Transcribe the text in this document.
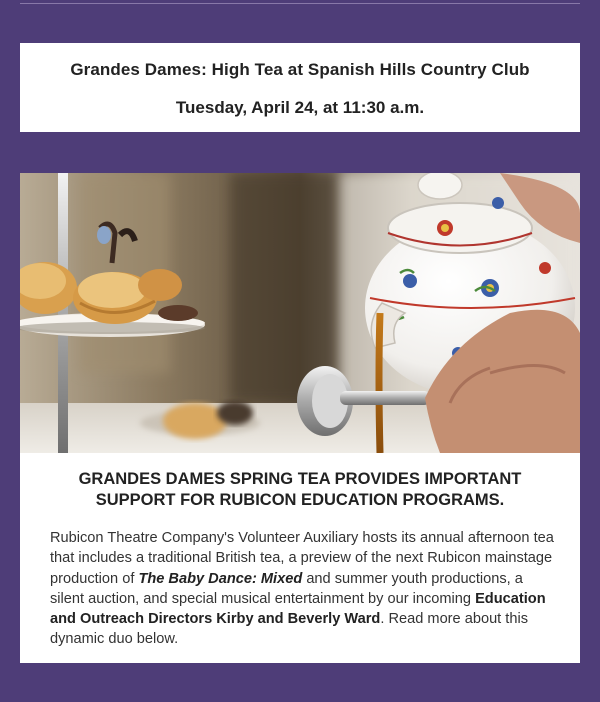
Grandes Dames: High Tea at Spanish Hills Country Club
Tuesday, April 24, at 11:30 a.m.
GRANDES DAMES SPRING TEA PROVIDES IMPORTANT
SUPPORT FOR RUBICON EDUCATION PROGRAMS.

Rubicon Theatre Company's Volunteer Auxiliary hosts its annual afternoon tea that includes a traditional British tea, a preview of the next Rubicon mainstage production of The Baby Dance: Mixed and summer youth productions, a silent auction, and special musical entertainment by our incoming Education and Outreach Directors Kirby and Beverly Ward. Read more about this dynamic duo below.
